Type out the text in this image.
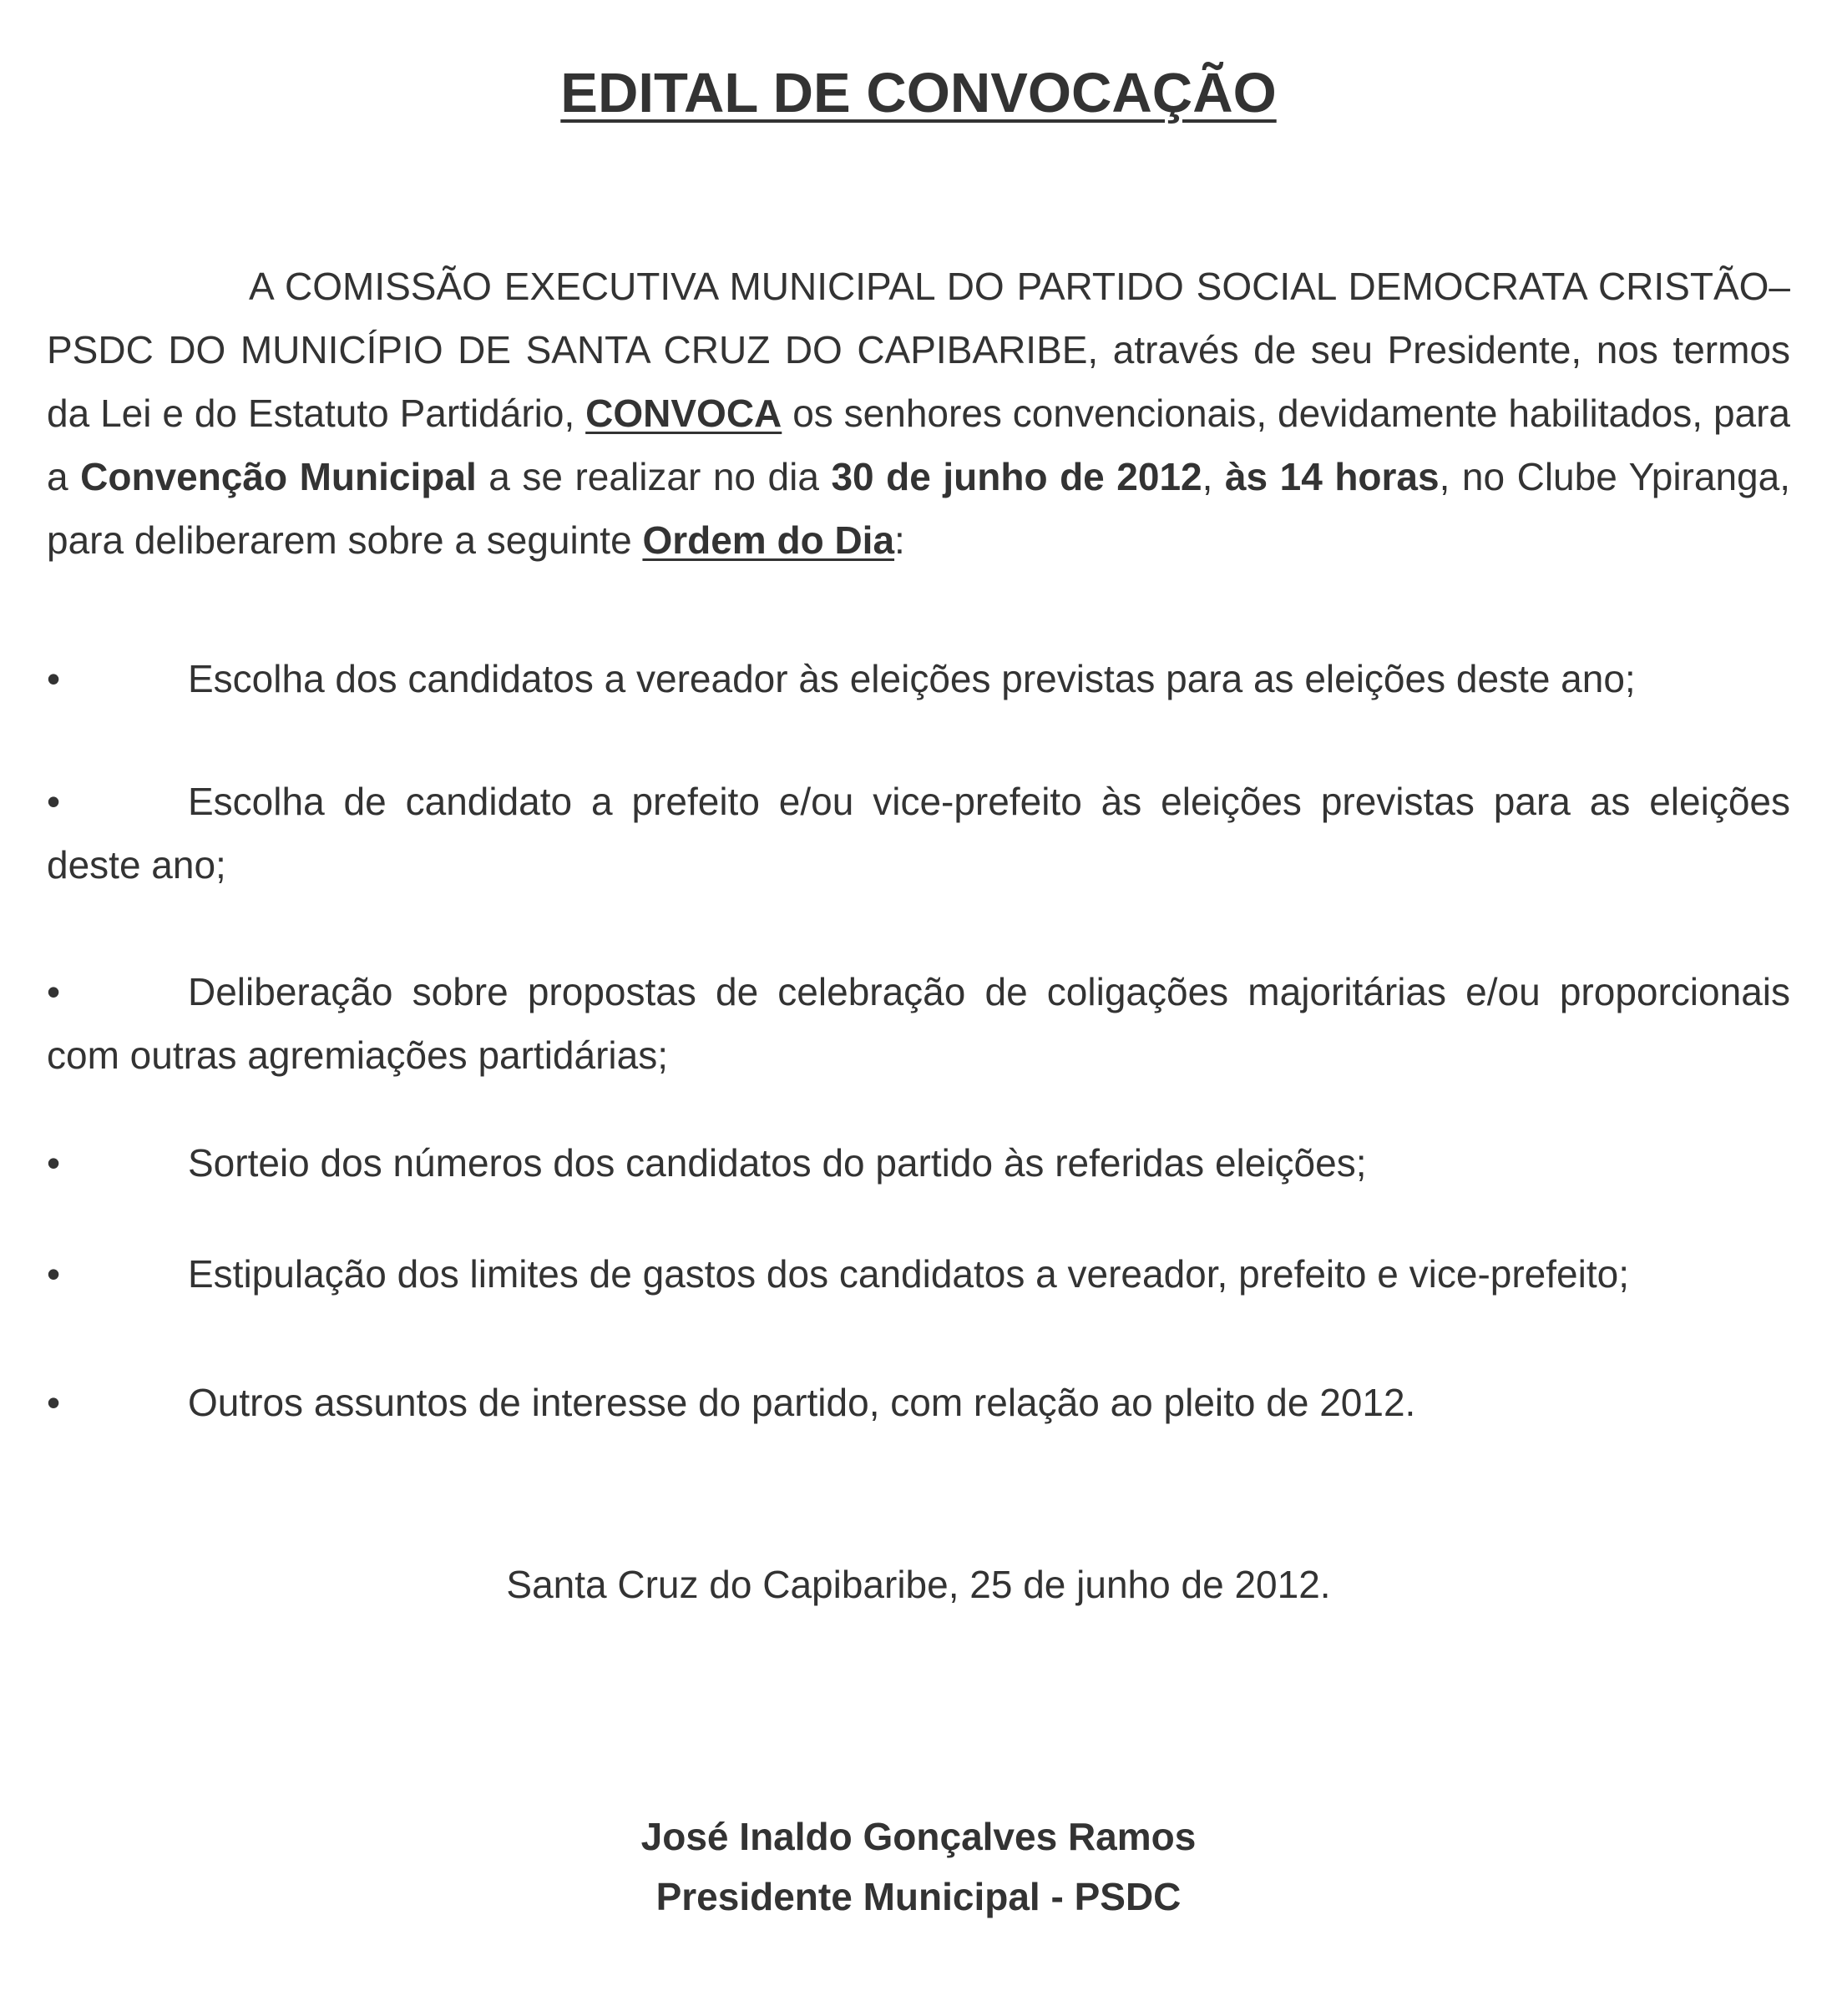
EDITAL DE CONVOCAÇÃO

A COMISSÃO EXECUTIVA MUNICIPAL DO PARTIDO SOCIAL DEMOCRATA CRISTÃO– PSDC DO MUNICÍPIO DE SANTA CRUZ DO CAPIBARIBE, através de seu Presidente, nos termos da Lei e do Estatuto Partidário, CONVOCA os senhores convencionais, devidamente habilitados, para a Convenção Municipal a se realizar no dia 30 de junho de 2012, às 14 horas, no Clube Ypiranga, para deliberarem sobre a seguinte Ordem do Dia:

•	Escolha dos candidatos a vereador às eleições previstas para as eleições deste ano;
•	Escolha de candidato a prefeito e/ou vice-prefeito às eleições previstas para as eleições deste ano;
•	Deliberação sobre propostas de celebração de coligações majoritárias e/ou proporcionais com outras agremiações partidárias;
•	Sorteio dos números dos candidatos do partido às referidas eleições;
•	Estipulação dos limites de gastos dos candidatos a vereador, prefeito e vice-prefeito;
•	Outros assuntos de interesse do partido, com relação ao pleito de 2012.

Santa Cruz do Capibaribe, 25 de junho de 2012.

José Inaldo Gonçalves Ramos

Presidente Municipal - PSDC
